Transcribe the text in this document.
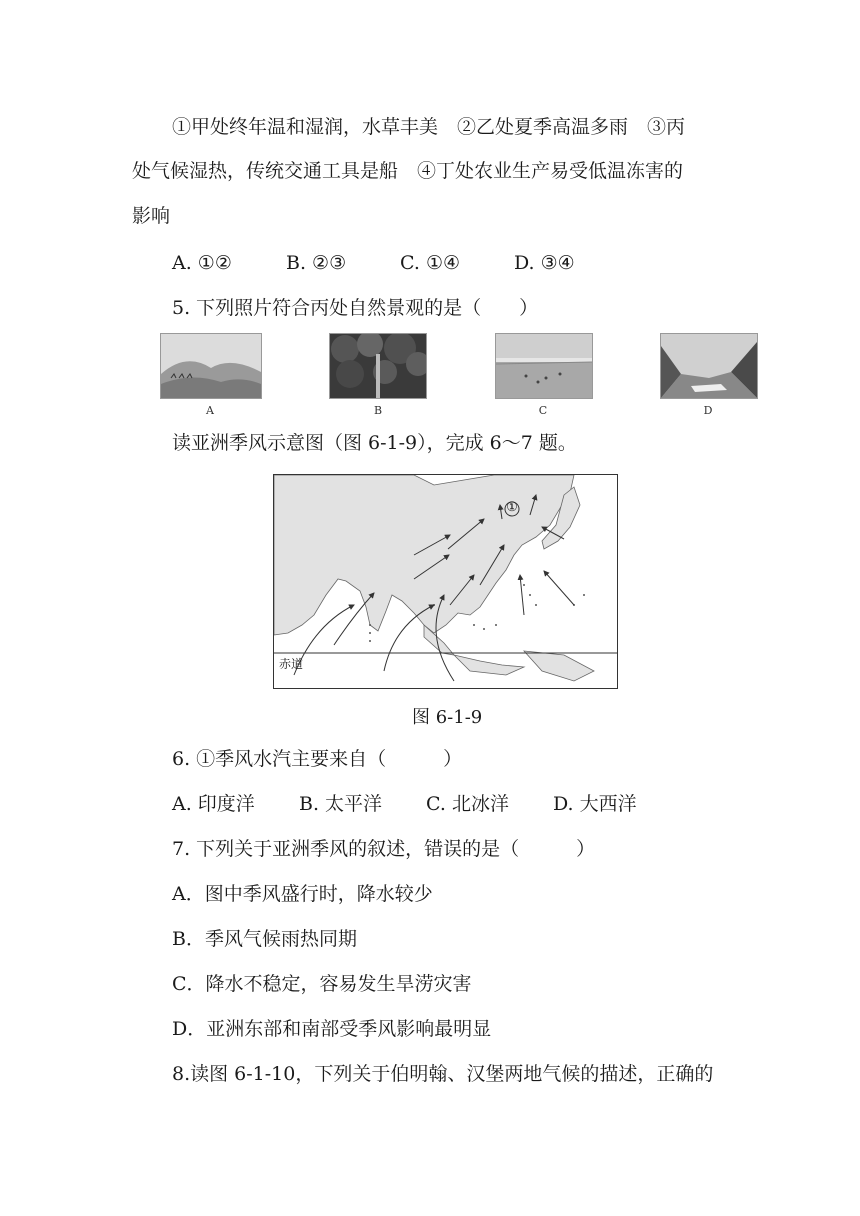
①甲处终年温和湿润，水草丰美　②乙处夏季高温多雨　③丙
处气候湿热，传统交通工具是船　④丁处农业生产易受低温冻害的
影响
A. ①②	B. ②③	C. ①④	D. ③④
5. 下列照片符合丙处自然景观的是（　　）
A	B	C	D
读亚洲季风示意图（图 6-1-9），完成 6～7 题。
①
赤道
图 6-1-9
6. ①季风水汽主要来自（　　　）
A. 印度洋 B. 太平洋 C. 北冰洋 D. 大西洋
7. 下列关于亚洲季风的叙述，错误的是（　　　）
A．图中季风盛行时，降水较少
B．季风气候雨热同期
C．降水不稳定，容易发生旱涝灾害
D．亚洲东部和南部受季风影响最明显
8.读图 6-1-10，下列关于伯明翰、汉堡两地气候的描述，正确的
